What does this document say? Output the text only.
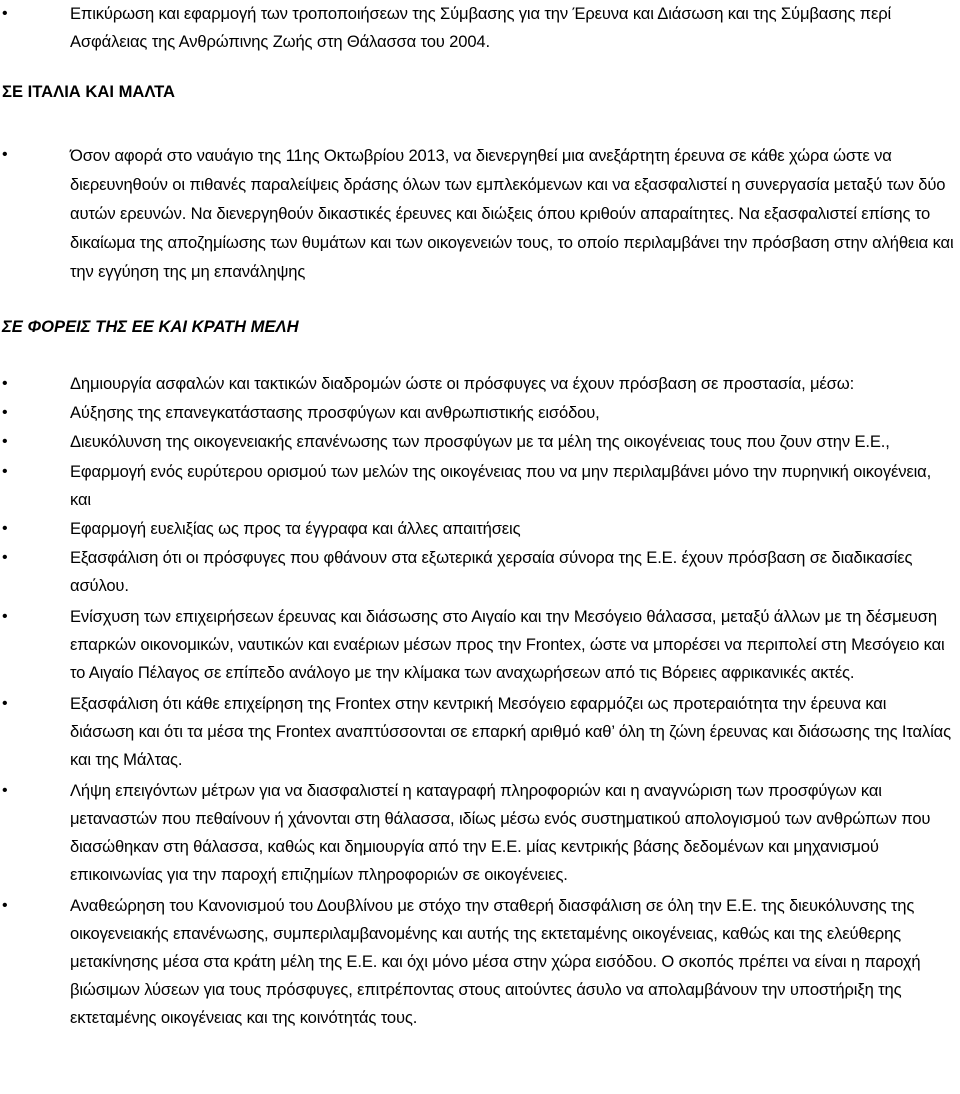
•	Επικύρωση και εφαρμογή των τροποποιήσεων της Σύμβασης για την Έρευνα και Διάσωση και της Σύμβασης περί Ασφάλειας της Ανθρώπινης Ζωής στη Θάλασσα του 2004.
ΣΕ ΙΤΑΛΙΑ ΚΑΙ ΜΑΛΤΑ
•	Όσον αφορά στο ναυάγιο της 11ης Οκτωβρίου 2013, να διενεργηθεί μια ανεξάρτητη έρευνα σε κάθε χώρα ώστε να διερευνηθούν οι πιθανές παραλείψεις δράσης όλων των εμπλεκόμενων και να εξασφαλιστεί η συνεργασία μεταξύ των δύο αυτών ερευνών. Να διενεργηθούν δικαστικές έρευνες και διώξεις όπου κριθούν απαραίτητες. Να εξασφαλιστεί επίσης το δικαίωμα της αποζημίωσης των θυμάτων και των οικογενειών τους, το οποίο περιλαμβάνει την πρόσβαση στην αλήθεια και την εγγύηση της μη επανάληψης
ΣΕ ΦΟΡΕΙΣ ΤΗΣ ΕΕ ΚΑΙ ΚΡΑΤΗ ΜΕΛΗ
•	Δημιουργία ασφαλών και τακτικών διαδρομών ώστε οι πρόσφυγες να έχουν πρόσβαση σε προστασία, μέσω:
•	Αύξησης της επανεγκατάστασης προσφύγων και ανθρωπιστικής εισόδου,
•	Διευκόλυνση της οικογενειακής επανένωσης των προσφύγων με τα μέλη της οικογένειας τους που ζουν στην Ε.Ε.,
•	Εφαρμογή ενός ευρύτερου ορισμού των μελών της οικογένειας που να μην περιλαμβάνει μόνο την πυρηνική οικογένεια, και
•	Εφαρμογή ευελιξίας ως προς τα έγγραφα και άλλες απαιτήσεις
•	Εξασφάλιση ότι οι πρόσφυγες που φθάνουν στα εξωτερικά χερσαία σύνορα της Ε.Ε. έχουν πρόσβαση σε διαδικασίες ασύλου.
•	Ενίσχυση των επιχειρήσεων έρευνας και διάσωσης στο Αιγαίο και την Μεσόγειο θάλασσα, μεταξύ άλλων με τη δέσμευση επαρκών οικονομικών, ναυτικών και εναέριων μέσων προς την Frontex, ώστε να μπορέσει να περιπολεί στη Μεσόγειο και το Αιγαίο Πέλαγος σε επίπεδο ανάλογο με την κλίμακα των αναχωρήσεων από τις Βόρειες αφρικανικές ακτές.
•	Εξασφάλιση ότι κάθε επιχείρηση της Frontex στην κεντρική Μεσόγειο εφαρμόζει ως προτεραιότητα την έρευνα και διάσωση και ότι τα μέσα της Frontex αναπτύσσονται σε επαρκή αριθμό καθ’ όλη τη ζώνη έρευνας και διάσωσης της Ιταλίας και της Μάλτας.
•	Λήψη επειγόντων μέτρων για να διασφαλιστεί η καταγραφή πληροφοριών και η αναγνώριση των προσφύγων και μεταναστών που πεθαίνουν ή χάνονται στη θάλασσα, ιδίως μέσω ενός συστηματικού απολογισμού των ανθρώπων που διασώθηκαν στη θάλασσα, καθώς και δημιουργία από την Ε.Ε. μίας κεντρικής βάσης δεδομένων και μηχανισμού επικοινωνίας για την παροχή επιζημίων πληροφοριών σε οικογένειες.
•	Αναθεώρηση του Κανονισμού του Δουβλίνου με στόχο την σταθερή διασφάλιση σε όλη την Ε.Ε. της διευκόλυνσης της οικογενειακής επανένωσης, συμπεριλαμβανομένης και αυτής της εκτεταμένης οικογένειας, καθώς και της ελεύθερης μετακίνησης μέσα στα κράτη μέλη της Ε.Ε. και όχι μόνο μέσα στην χώρα εισόδου. Ο σκοπός πρέπει να είναι η παροχή βιώσιμων λύσεων για τους πρόσφυγες, επιτρέποντας στους αιτούντες άσυλο να απολαμβάνουν την υποστήριξη της εκτεταμένης οικογένειας και της κοινότητάς τους.
